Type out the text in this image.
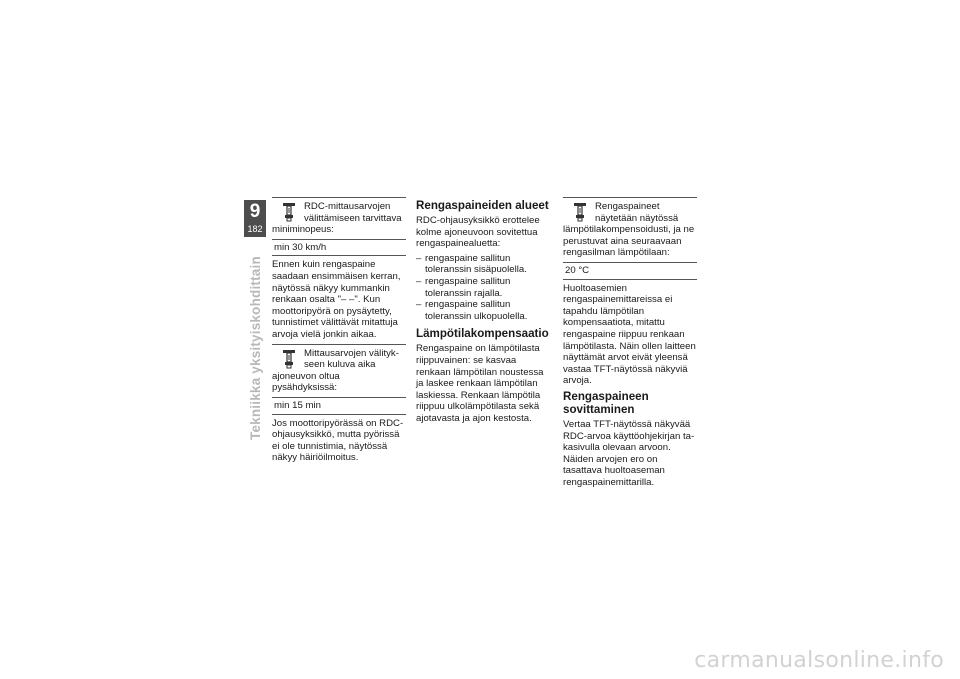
9
182
Tekniikka yksityiskohdittain
RDC-mittausarvojen välittämiseen tarvittava miniminopeus:
min 30 km/h

Ennen kuin rengaspaine saadaan ensimmäisen kerran, näytössä näkyy kummankin renkaan osalta "– –". Kun moottoripyörä on pysäytetty, tunnistimet välittävät mitattuja arvoja vielä jonkin aikaa.

Mittausarvojen välitykseen kuluva aika ajoneuvon oltua pysähdyksissä:
min 15 min

Jos moottoripyörässä on RDC-ohjausyksikkö, mutta pyörissä ei ole tunnistimia, näytössä näkyy häiriöilmoitus.

Rengaspaineiden alueet

RDC-ohjausyksikkö erottelee kolme ajoneuvoon sovitettua rengaspainealuetta:

– rengaspaine sallitun toleranssin sisäpuolella.
– rengaspaine sallitun toleranssin rajalla.
– rengaspaine sallitun toleranssin ulkopuolella.
Lämpötilakompensaatio

Rengaspaine on lämpötilasta riippuvainen: se kasvaa renkaan lämpötilan noustessa ja laskee renkaan lämpötilan laskiessa. Renkaan lämpötila riippuu ulkolämpötilasta sekä ajotavasta ja ajon kestosta.

Rengaspaineet näytetään näytössä lämpötilakompensoidusti, ja ne perustuvat aina seuraavaan rengasilman lämpötilaan:
20 °C

Huoltoasemien rengaspainemittareissa ei tapahdu lämpötilan kompensaatiota, mitattu rengaspaine riippuu renkaan lämpötilasta. Näin ollen laitteen näyttämät arvot eivät yleensä vastaa TFT-näytössä näkyviä arvoja.

Rengaspaineen sovittaminen

Vertaa TFT-näytössä näkyvää RDC-arvoa käyttöohjekirjan takasivulla olevaan arvoon. Näiden arvojen ero on tasattava huoltoaseman rengaspainemittarilla.

carmanualsonline.info
